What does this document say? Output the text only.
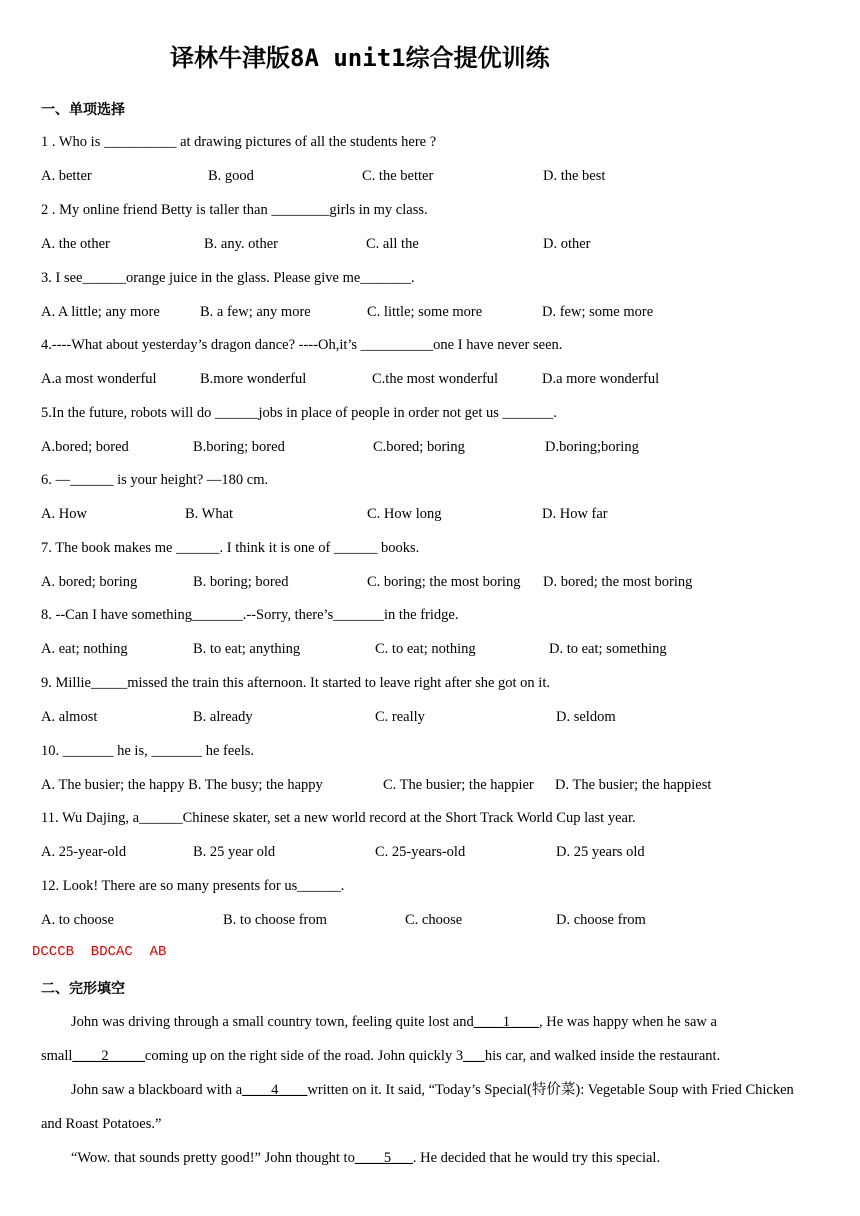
译林牛津版8A unit1综合提优训练
一、单项选择
1 . Who is __________ at drawing pictures of all the students here ?
A. better	B. good	C. the better	D. the best
2 . My online friend Betty is taller than ________girls in my class.
A. the other	B. any. other	C. all the	D. other
3. I see______orange juice in the glass. Please give me_______.
A. A little; any more	B. a few; any more	C. little; some more	D. few; some more
4.----What about yesterday’s dragon dance? ----Oh,it’s __________one I have never seen.
A.a most wonderful	B.more wonderful	C.the most wonderful	D.a more wonderful
5.In the future, robots will do ______jobs in place of people in order not get us _______.
A.bored; bored	B.boring; bored	C.bored; boring	D.boring;boring
6. —______ is your height? —180 cm.
A. How	B. What	C. How long	D. How far
7. The book makes me ______. I think it is one of ______ books.
A. bored; boring	B. boring; bored	C. boring; the most boring D. bored; the most boring
8. --Can I have something_______.--Sorry, there’s_______in the fridge.
A. eat; nothing	B. to eat; anything	C. to eat; nothing	D. to eat; something
9. Millie_____missed the train this afternoon. It started to leave right after she got on it.
A. almost	B. already	C. really	D. seldom
10. _______ he is, _______ he feels.
A. The busier; the happy B. The busy; the happy	C. The busier; the happier D. The busier; the happiest
11. Wu Dajing, a______Chinese skater, set a new world record at the Short Track World Cup last year.
A. 25-year-old	B. 25 year old	C. 25-years-old	D. 25 years old
12. Look! There are so many presents for us______.
A. to choose	B. to choose from	C. choose	D. choose from
DCCCB  BDCAC  AB
二、完形填空
John was driving through a small country town, feeling quite lost and____1____, He was happy when he saw a small____2_____coming up on the right side of the road. John quickly 3___his car, and walked inside the restaurant.
John saw a blackboard with a____4____written on it. It said, “Today’s Special(特价菜): Vegetable Soup with Fried Chicken and Roast Potatoes.”
“Wow. that sounds pretty good!” John thought to____5___. He decided that he would try this special.
